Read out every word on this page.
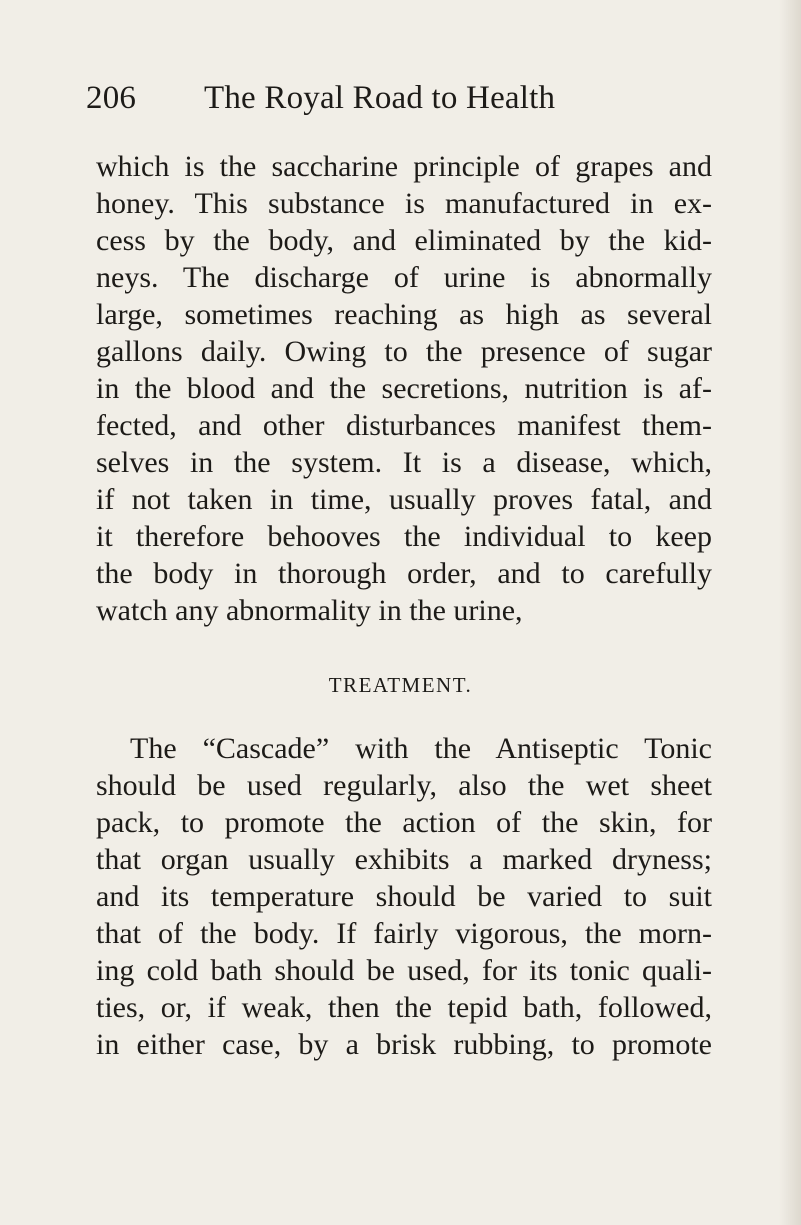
206 The Royal Road to Health
which is the saccharine principle of grapes and
honey. This substance is manufactured in ex-
cess by the body, and eliminated by the kid-
neys. The discharge of urine is abnormally
large, sometimes reaching as high as several
gallons daily. Owing to the presence of sugar
in the blood and the secretions, nutrition is af-
fected, and other disturbances manifest them-
selves in the system. It is a disease, which,
if not taken in time, usually proves fatal, and
it therefore behooves the individual to keep
the body in thorough order, and to carefully
watch any abnormality in the urine,
TREATMENT.
The “Cascade” with the Antiseptic Tonic
should be used regularly, also the wet sheet
pack, to promote the action of the skin, for
that organ usually exhibits a marked dryness;
and its temperature should be varied to suit
that of the body. If fairly vigorous, the morn-
ing cold bath should be used, for its tonic quali-
ties, or, if weak, then the tepid bath, followed,
in either case, by a brisk rubbing, to promote
